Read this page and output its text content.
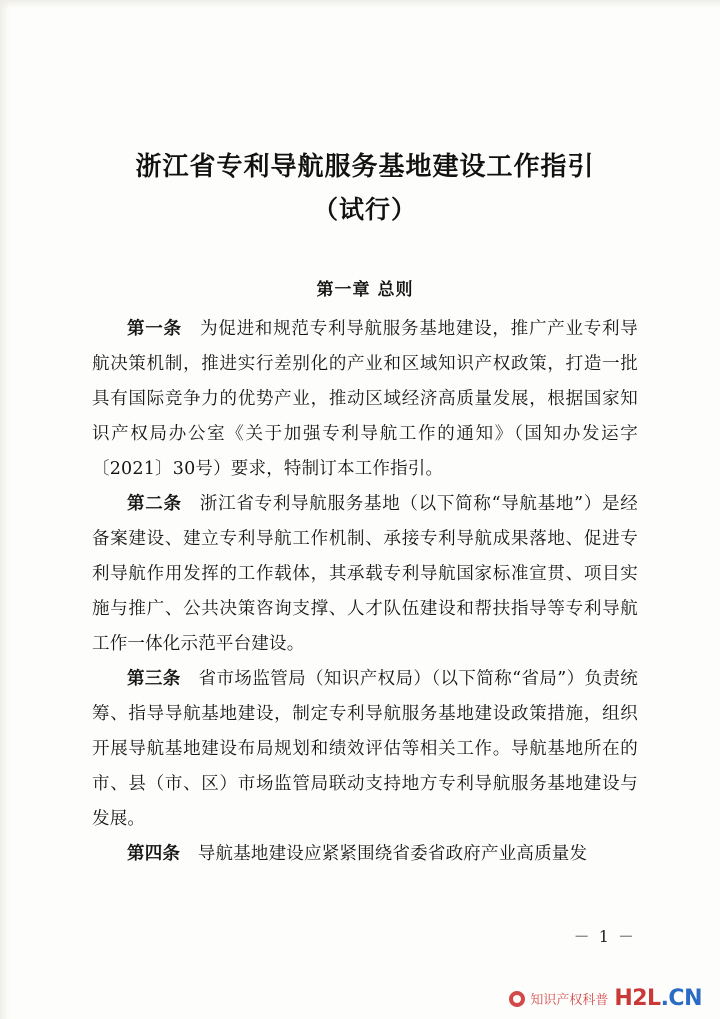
浙江省专利导航服务基地建设工作指引
（试行）
第一章 总则

第一条　为促进和规范专利导航服务基地建设，推广产业专利导航决策机制，推进实行差别化的产业和区域知识产权政策，打造一批具有国际竞争力的优势产业，推动区域经济高质量发展，根据国家知识产权局办公室《关于加强专利导航工作的通知》（国知办发运字〔2021〕30号）要求，特制订本工作指引。

第二条　浙江省专利导航服务基地（以下简称“导航基地”）是经备案建设、建立专利导航工作机制、承接专利导航成果落地、促进专利导航作用发挥的工作载体，其承载专利导航国家标准宣贯、项目实施与推广、公共决策咨询支撑、人才队伍建设和帮扶指导等专利导航工作一体化示范平台建设。

第三条　省市场监管局（知识产权局）（以下简称“省局”）负责统筹、指导导航基地建设，制定专利导航服务基地建设政策措施，组织开展导航基地建设布局规划和绩效评估等相关工作。导航基地所在的市、县（市、区）市场监管局联动支持地方专利导航服务基地建设与发展。

第四条　导航基地建设应紧紧围绕省委省政府产业高质量发

－ 1 －
知识产权科普 H2L.CN
